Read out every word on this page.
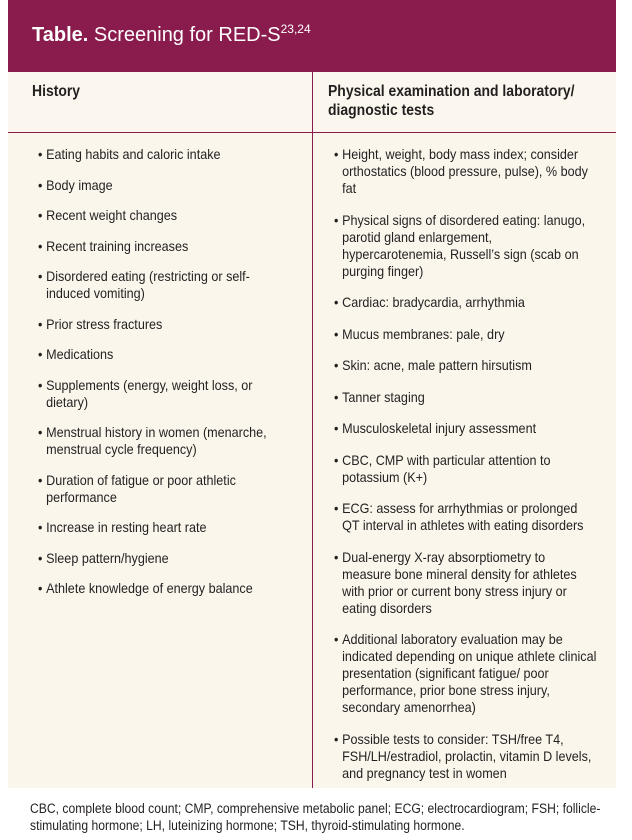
Table. Screening for RED-$S^{23,24}$
History	Physical examination and laboratory/ diagnostic tests
• Eating habits and caloric intake
• Body image
• Recent weight changes
• Recent training increases
• Disordered eating (restricting or self-induced vomiting)
• Prior stress fractures
• Medications
• Supplements (energy, weight loss, or dietary)
• Menstrual history in women (menarche, menstrual cycle frequency)
• Duration of fatigue or poor athletic performance
• Increase in resting heart rate
• Sleep pattern/hygiene
• Athlete knowledge of energy balance
• Height, weight, body mass index; consider orthostatics (blood pressure, pulse), % body fat
• Physical signs of disordered eating: lanugo, parotid gland enlargement, hypercarotenemia, Russell’s sign (scab on purging finger)
• Cardiac: bradycardia, arrhythmia
• Mucus membranes: pale, dry
• Skin: acne, male pattern hirsutism
• Tanner staging
• Musculoskeletal injury assessment
• CBC, CMP with particular attention to potassium (K+)
• ECG: assess for arrhythmias or prolonged QT interval in athletes with eating disorders
• Dual-energy X-ray absorptiometry to measure bone mineral density for athletes with prior or current bony stress injury or eating disorders
• Additional laboratory evaluation may be indicated depending on unique athlete clinical presentation (significant fatigue/ poor performance, prior bone stress injury, secondary amenorrhea)
• Possible tests to consider: TSH/free T4, FSH/LH/estradiol, prolactin, vitamin D levels, and pregnancy test in women
CBC, complete blood count; CMP, comprehensive metabolic panel; ECG; electrocardiogram; FSH; follicle-stimulating hormone; LH, luteinizing hormone; TSH, thyroid-stimulating hormone.
